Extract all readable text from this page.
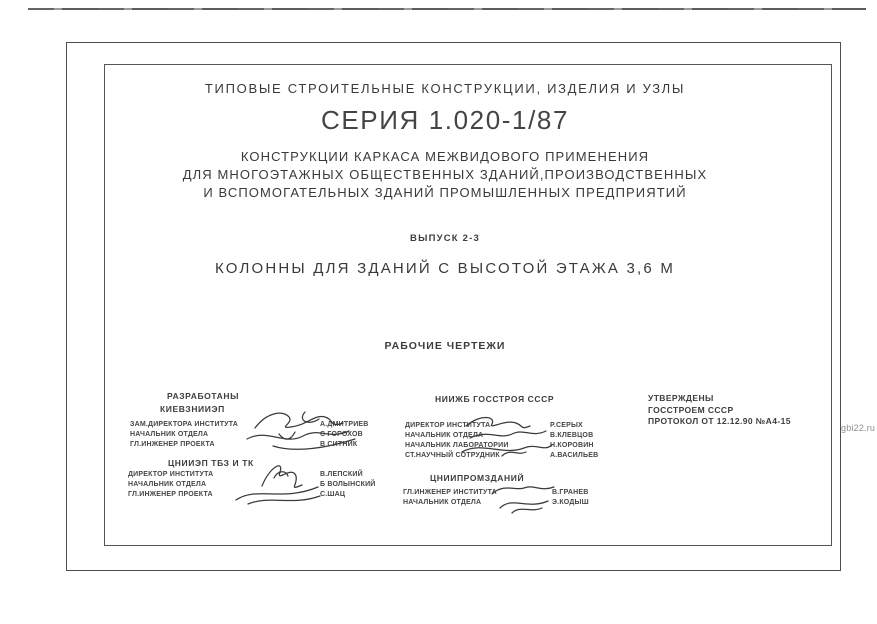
ТИПОВЫЕ СТРОИТЕЛЬНЫЕ КОНСТРУКЦИИ, ИЗДЕЛИЯ И УЗЛЫ
СЕРИЯ 1.020-1/87
КОНСТРУКЦИИ КАРКАСА МЕЖВИДОВОГО ПРИМЕНЕНИЯ
ДЛЯ МНОГОЭТАЖНЫХ ОБЩЕСТВЕННЫХ ЗДАНИЙ,ПРОИЗВОДСТВЕННЫХ
И ВСПОМОГАТЕЛЬНЫХ ЗДАНИЙ ПРОМЫШЛЕННЫХ ПРЕДПРИЯТИЙ
ВЫПУСК 2-3
КОЛОННЫ ДЛЯ ЗДАНИЙ С ВЫСОТОЙ ЭТАЖА 3,6 М
РАБОЧИЕ ЧЕРТЕЖИ
РАЗРАБОТАНЫ
КИЕВЗНИИЭП
ЗАМ.ДИРЕКТОРА ИНСТИТУТА	А.ДМИТРИЕВ
НАЧАЛЬНИК ОТДЕЛА	С ГОРОХОВ
ГЛ.ИНЖЕНЕР ПРОЕКТА	В СИТНИК
ЦНИИЭП ТБЗ И ТК
ДИРЕКТОР ИНСТИТУТА	В.ЛЕПСКИЙ
НАЧАЛЬНИК ОТДЕЛА	Б ВОЛЫНСКИЙ
ГЛ.ИНЖЕНЕР ПРОЕКТА	С.ШАЦ
НИИЖБ ГОССТРОЯ СССР
ДИРЕКТОР ИНСТИТУТА	Р.СЕРЫХ
НАЧАЛЬНИК ОТДЕЛА	В.КЛЕВЦОВ
НАЧАЛЬНИК ЛАБОРАТОРИИ	Н.КОРОВИН
СТ.НАУЧНЫЙ СОТРУДНИК	А.ВАСИЛЬЕВ
ЦНИИПРОМЗДАНИЙ
ГЛ.ИНЖЕНЕР ИНСТИТУТА	В.ГРАНЕВ
НАЧАЛЬНИК ОТДЕЛА	Э.КОДЫШ
УТВЕРЖДЕНЫ
ГОССТРОЕМ СССР
ПРОТОКОЛ ОТ 12.12.90 №А4-15
gbi22.ru
